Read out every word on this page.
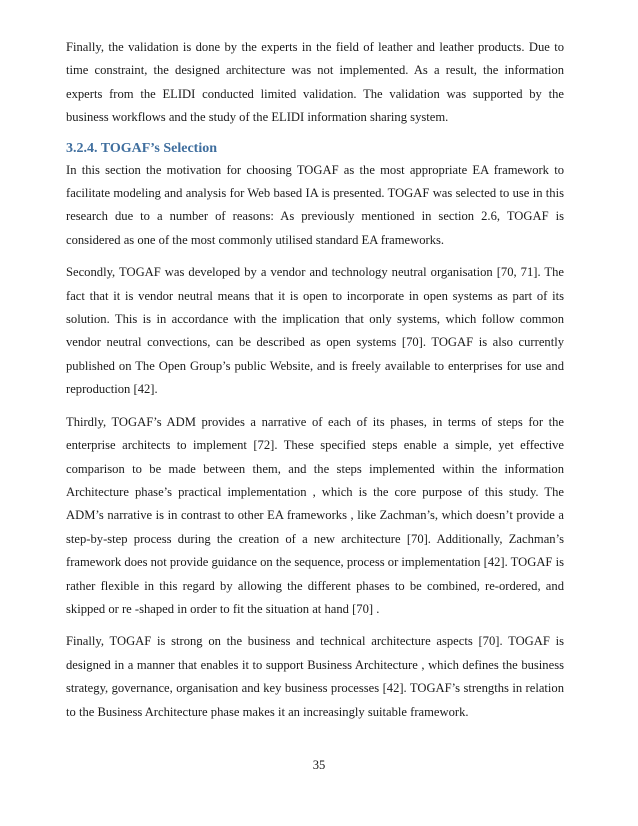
Finally, the validation is done by the experts in the field of leather and leather products. Due to time constraint, the designed architecture was not implemented. As a result, the information experts from the ELIDI conducted limited validation. The validation was supported by the business workflows and the study of the ELIDI information sharing system.

3.2.4. TOGAF’s Selection

In this section the motivation for choosing TOGAF as the most appropriate EA framework to facilitate modeling and analysis for Web based IA is presented. TOGAF was selected to use in this research due to a number of reasons: As previously mentioned in section 2.6, TOGAF is considered as one of the most commonly utilised standard EA frameworks.

Secondly, TOGAF was developed by a vendor and technology neutral organisation [70, 71]. The fact that it is vendor neutral means that it is open to incorporate in open systems as part of its solution. This is in accordance with the implication that only systems, which follow common vendor neutral convections, can be described as open systems [70]. TOGAF is also currently published on The Open Group’s public Website, and is freely available to enterprises for use and reproduction [42].

Thirdly, TOGAF’s ADM provides a narrative of each of its phases, in terms of steps for the enterprise architects to implement [72]. These specified steps enable a simple, yet effective comparison to be made between them, and the steps implemented within the information Architecture phase’s practical implementation , which is the core purpose of this study. The ADM’s narrative is in contrast to other EA frameworks , like Zachman’s, which doesn’t provide a step-by-step process during the creation of a new architecture [70]. Additionally, Zachman’s framework does not provide guidance on the sequence, process or implementation [42]. TOGAF is rather flexible in this regard by allowing the different phases to be combined, re-ordered, and skipped or re -shaped in order to fit the situation at hand [70] .

Finally, TOGAF is strong on the business and technical architecture aspects [70]. TOGAF is designed in a manner that enables it to support Business Architecture , which defines the business strategy, governance, organisation and key business processes [42]. TOGAF’s strengths in relation to the Business Architecture phase makes it an increasingly suitable framework.

35
